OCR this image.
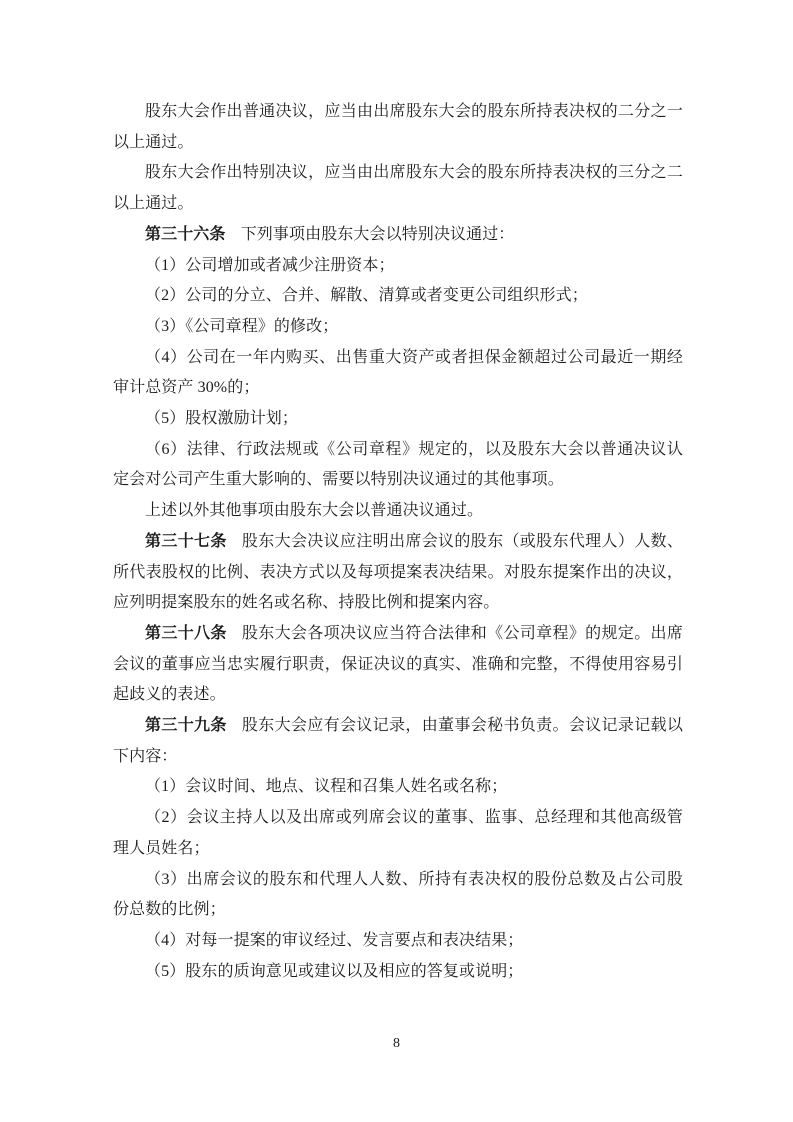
股东大会作出普通决议，应当由出席股东大会的股东所持表决权的二分之一以上通过。

股东大会作出特别决议，应当由出席股东大会的股东所持表决权的三分之二以上通过。

第三十六条 下列事项由股东大会以特别决议通过：

（1）公司增加或者减少注册资本；

（2）公司的分立、合并、解散、清算或者变更公司组织形式；

（3）《公司章程》的修改；

（4）公司在一年内购买、出售重大资产或者担保金额超过公司最近一期经审计总资产 30%的；

（5）股权激励计划；

（6）法律、行政法规或《公司章程》规定的，以及股东大会以普通决议认定会对公司产生重大影响的、需要以特别决议通过的其他事项。

上述以外其他事项由股东大会以普通决议通过。

第三十七条 股东大会决议应注明出席会议的股东（或股东代理人）人数、所代表股权的比例、表决方式以及每项提案表决结果。对股东提案作出的决议，应列明提案股东的姓名或名称、持股比例和提案内容。

第三十八条 股东大会各项决议应当符合法律和《公司章程》的规定。出席会议的董事应当忠实履行职责，保证决议的真实、准确和完整，不得使用容易引起歧义的表述。

第三十九条 股东大会应有会议记录，由董事会秘书负责。会议记录记载以下内容：

（1）会议时间、地点、议程和召集人姓名或名称；

（2）会议主持人以及出席或列席会议的董事、监事、总经理和其他高级管理人员姓名；

（3）出席会议的股东和代理人人数、所持有表决权的股份总数及占公司股份总数的比例；

（4）对每一提案的审议经过、发言要点和表决结果；

（5）股东的质询意见或建议以及相应的答复或说明；

8
